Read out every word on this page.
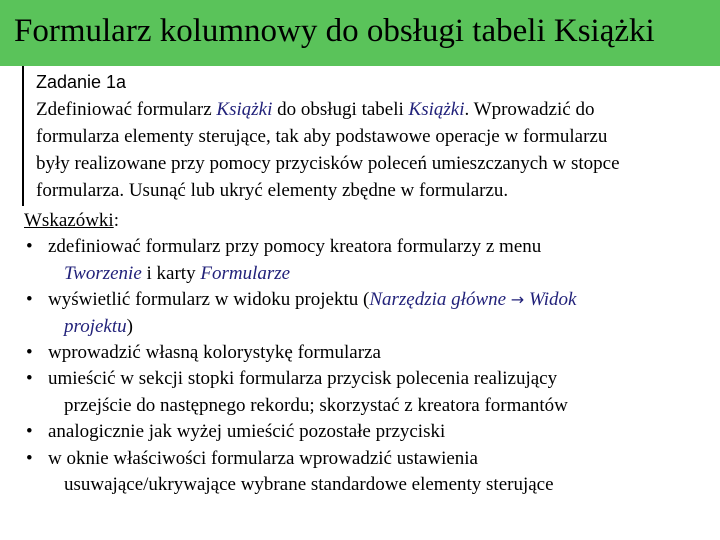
Formularz kolumnowy do obsługi tabeli Książki
Zadanie 1a
Zdefiniować formularz Książki do obsługi tabeli Książki. Wprowadzić do
formularza elementy sterujące, tak aby podstawowe operacje w formularzu
były realizowane przy pomocy przycisków poleceń umieszczanych w stopce
formularza. Usunąć lub ukryć elementy zbędne w formularzu.
Wskazówki:
• zdefiniować formularz przy pomocy kreatora formularzy z menu
Tworzenie i karty Formularze
• wyświetlić formularz w widoku projektu (Narzędzia główne → Widok
projektu)
• wprowadzić własną kolorystykę formularza
• umieścić w sekcji stopki formularza przycisk polecenia realizujący
przejście do następnego rekordu; skorzystać z kreatora formantów
• analogicznie jak wyżej umieścić pozostałe przyciski
• w oknie właściwości formularza wprowadzić ustawienia
usuwające/ukrywające wybrane standardowe elementy sterujące
